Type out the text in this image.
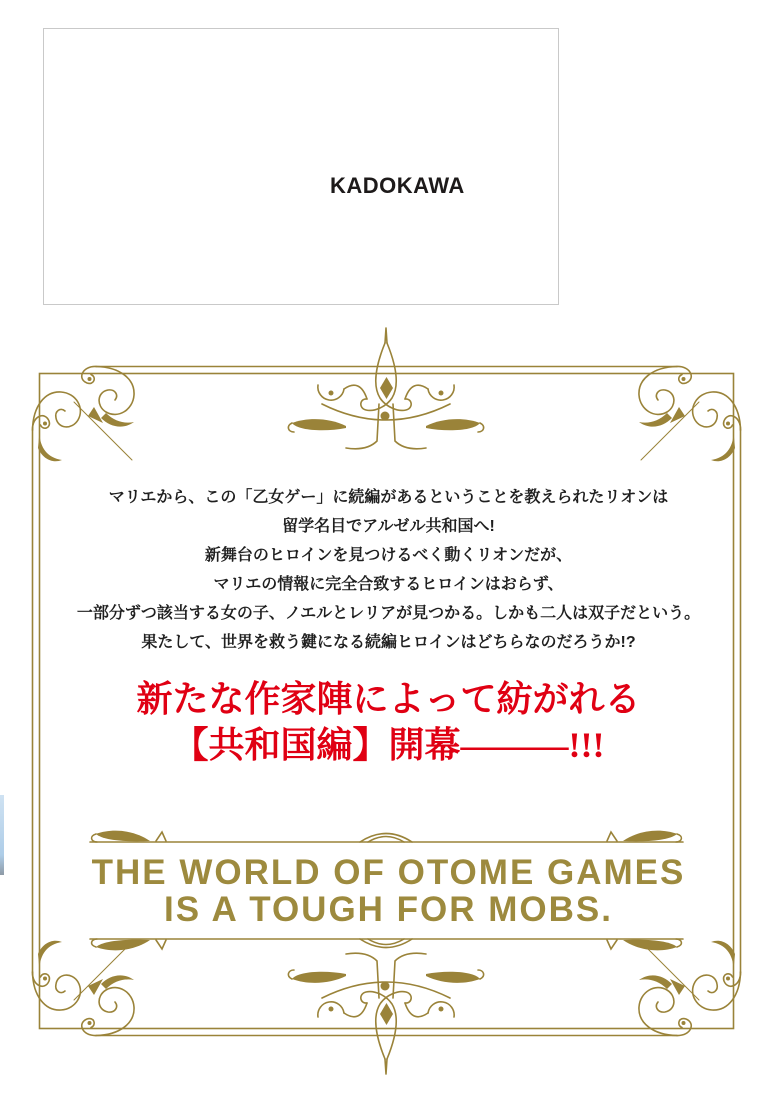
KADOKAWA
マリエから、この「乙女ゲー」に続編があるということを教えられたリオンは
留学名目でアルゼル共和国へ!
新舞台のヒロインを見つけるべく動くリオンだが、
マリエの情報に完全合致するヒロインはおらず、
一部分ずつ該当する女の子、ノエルとレリアが見つかる。しかも二人は双子だという。
果たして、世界を救う鍵になる続編ヒロインはどちらなのだろうか!?
新たな作家陣によって紡がれる
【共和国編】開幕―――!!!
THE WORLD OF OTOME GAMES
IS A TOUGH FOR MOBS.
